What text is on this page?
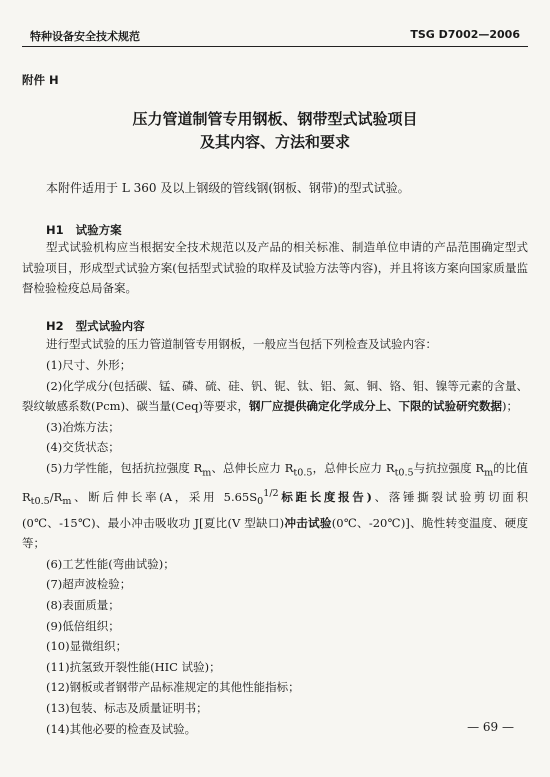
特种设备安全技术规范	TSG D7002—2006
附件 H
压力管道制管专用钢板、钢带型式试验项目
及其内容、方法和要求
本附件适用于 L 360 及以上钢级的管线钢(钢板、钢带)的型式试验。
H1 试验方案
型式试验机构应当根据安全技术规范以及产品的相关标准、制造单位申请的产品范围确定型式试验项目，形成型式试验方案(包括型式试验的取样及试验方法等内容)，并且将该方案向国家质量监督检验检疫总局备案。
H2 型式试验内容
进行型式试验的压力管道制管专用钢板，一般应当包括下列检查及试验内容：
(1)尺寸、外形；
(2)化学成分(包括碳、锰、磷、硫、硅、钒、铌、钛、铝、氮、铜、铬、钼、镍等元素的含量、裂纹敏感系数(Pcm)、碳当量(Ceq)等要求，钢厂应提供确定化学成分上、下限的试验研究数据)；
(3)冶炼方法；
(4)交货状态；
(5)力学性能，包括抗拉强度 $R_m$、总伸长应力 $R_{t0.5}$，总伸长应力 $R_{t0.5}$与抗拉强度 $R_m$的比值 $R_{t0.5}/R_m$、断后伸长率(A，采用 $5.65S_0^{1/2}$标距长度报告)、落锤撕裂试验剪切面积(0℃、-15℃)、最小冲击吸收功 J[夏比(V 型缺口)冲击试验(0℃、-20℃)]、脆性转变温度、硬度等；
(6)工艺性能(弯曲试验)；
(7)超声波检验；
(8)表面质量；
(9)低倍组织；
(10)显微组织；
(11)抗氢致开裂性能(HIC 试验)；
(12)钢板或者钢带产品标准规定的其他性能指标；
(13)包装、标志及质量证明书；
(14)其他必要的检查及试验。	— 69 —
